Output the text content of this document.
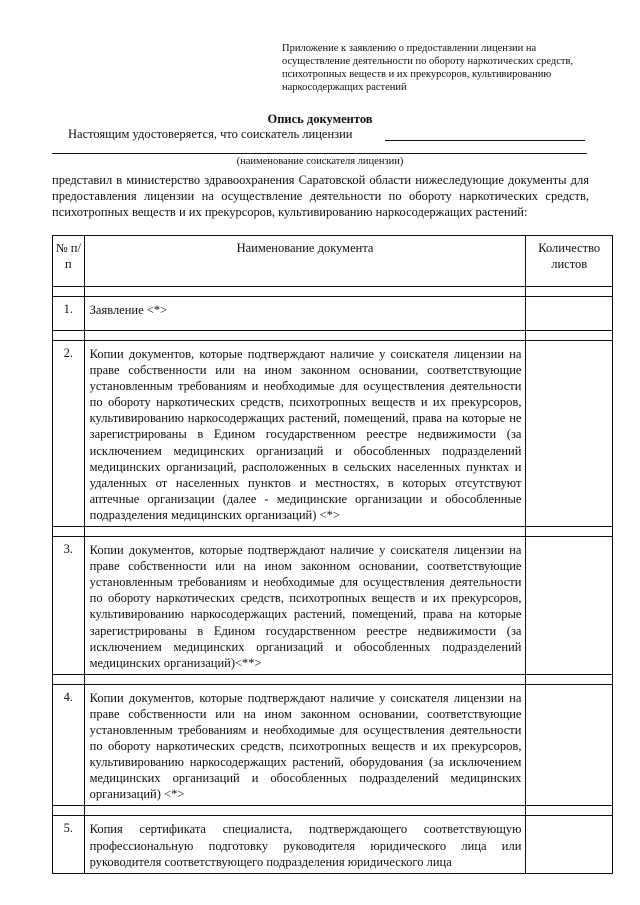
Приложение к заявлению о предоставлении лицензии на осуществление деятельности по обороту наркотических средств, психотропных веществ и их прекурсоров, культивированию наркосодержащих растений
Опись документов
Настоящим удостоверяется, что соискатель лицензии
(наименование соискателя лицензии)
представил в министерство здравоохранения Саратовской области нижеследующие документы для предоставления лицензии на осуществление деятельности по обороту наркотических средств, психотропных веществ и их прекурсоров, культивированию наркосодержащих растений:
№ п/п	Наименование документа	Количество листов

1.	Заявление <*>	

2.	Копии документов, которые подтверждают наличие у соискателя лицензии на праве собственности или на ином законном основании, соответствующие установленным требованиям и необходимые для осуществления деятельности по обороту наркотических средств, психотропных веществ и их прекурсоров, культивированию наркосодержащих растений, помещений, права на которые не зарегистрированы в Едином государственном реестре недвижимости (за исключением медицинских организаций и обособленных подразделений медицинских организаций, расположенных в сельских населенных пунктах и удаленных от населенных пунктов и местностях, в которых отсутствуют аптечные организации (далее - медицинские организации и обособленные подразделения медицинских организаций) <*>	

3.	Копии документов, которые подтверждают наличие у соискателя лицензии на праве собственности или на ином законном основании, соответствующие установленным требованиям и необходимые для осуществления деятельности по обороту наркотических средств, психотропных веществ и их прекурсоров, культивированию наркосодержащих растений, помещений, права на которые зарегистрированы в Едином государственном реестре недвижимости (за исключением медицинских организаций и обособленных подразделений медицинских организаций)<**>	

4.	Копии документов, которые подтверждают наличие у соискателя лицензии на праве собственности или на ином законном основании, соответствующие установленным требованиям и необходимые для осуществления деятельности по обороту наркотических средств, психотропных веществ и их прекурсоров, культивированию наркосодержащих растений, оборудования (за исключением медицинских организаций и обособленных подразделений медицинских организаций) <*>	

5.	Копия сертификата специалиста, подтверждающего соответствующую профессиональную подготовку руководителя юридического лица или руководителя соответствующего подразделения юридического лица	
